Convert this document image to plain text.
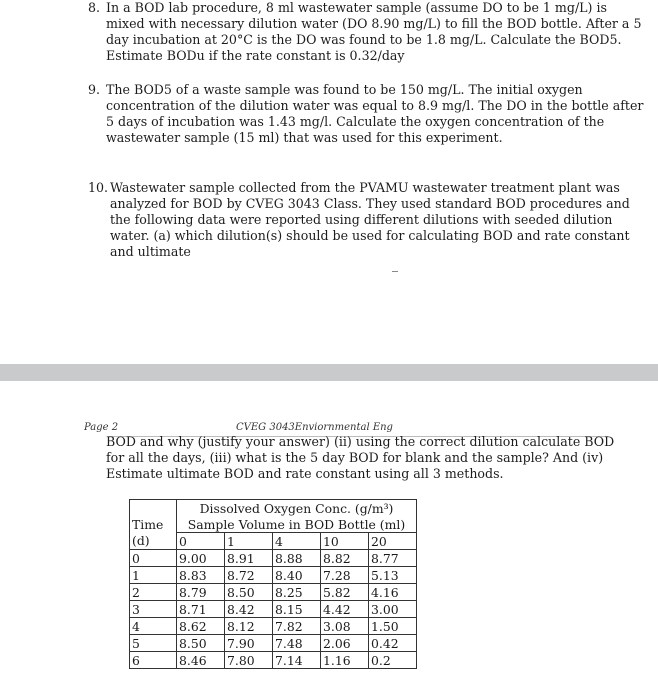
8. In a BOD lab procedure, 8 ml wastewater sample (assume DO to be 1 mg/L) is mixed with necessary dilution water (DO 8.90 mg/L) to fill the BOD bottle. After a 5 day incubation at 20°C is the DO was found to be 1.8 mg/L. Calculate the BOD5. Estimate BODu if the rate constant is 0.32/day
9. The BOD5 of a waste sample was found to be 150 mg/L. The initial oxygen concentration of the dilution water was equal to 8.9 mg/l. The DO in the bottle after 5 days of incubation was 1.43 mg/l. Calculate the oxygen concentration of the wastewater sample (15 ml) that was used for this experiment.
10. Wastewater sample collected from the PVAMU wastewater treatment plant was analyzed for BOD by CVEG 3043 Class. They used standard BOD procedures and the following data were reported using different dilutions with seeded dilution water. (a) which dilution(s) should be used for calculating BOD and rate constant and ultimate
Page 2	CVEG 3043Enviornmental Eng
BOD and why (justify your answer) (ii) using the correct dilution calculate BOD for all the days, (iii) what is the 5 day BOD for blank and the sample? And (iv) Estimate ultimate BOD and rate constant using all 3 methods.
	Dissolved Oxygen Conc. (g/m³)				
Time	Sample Volume in BOD Bottle (ml)				
(d)	0	1	4	10	20
0	9.00	8.91	8.88	8.82	8.77
1	8.83	8.72	8.40	7.28	5.13
2	8.79	8.50	8.25	5.82	4.16
3	8.71	8.42	8.15	4.42	3.00
4	8.62	8.12	7.82	3.08	1.50
5	8.50	7.90	7.48	2.06	0.42
6	8.46	7.80	7.14	1.16	0.2
